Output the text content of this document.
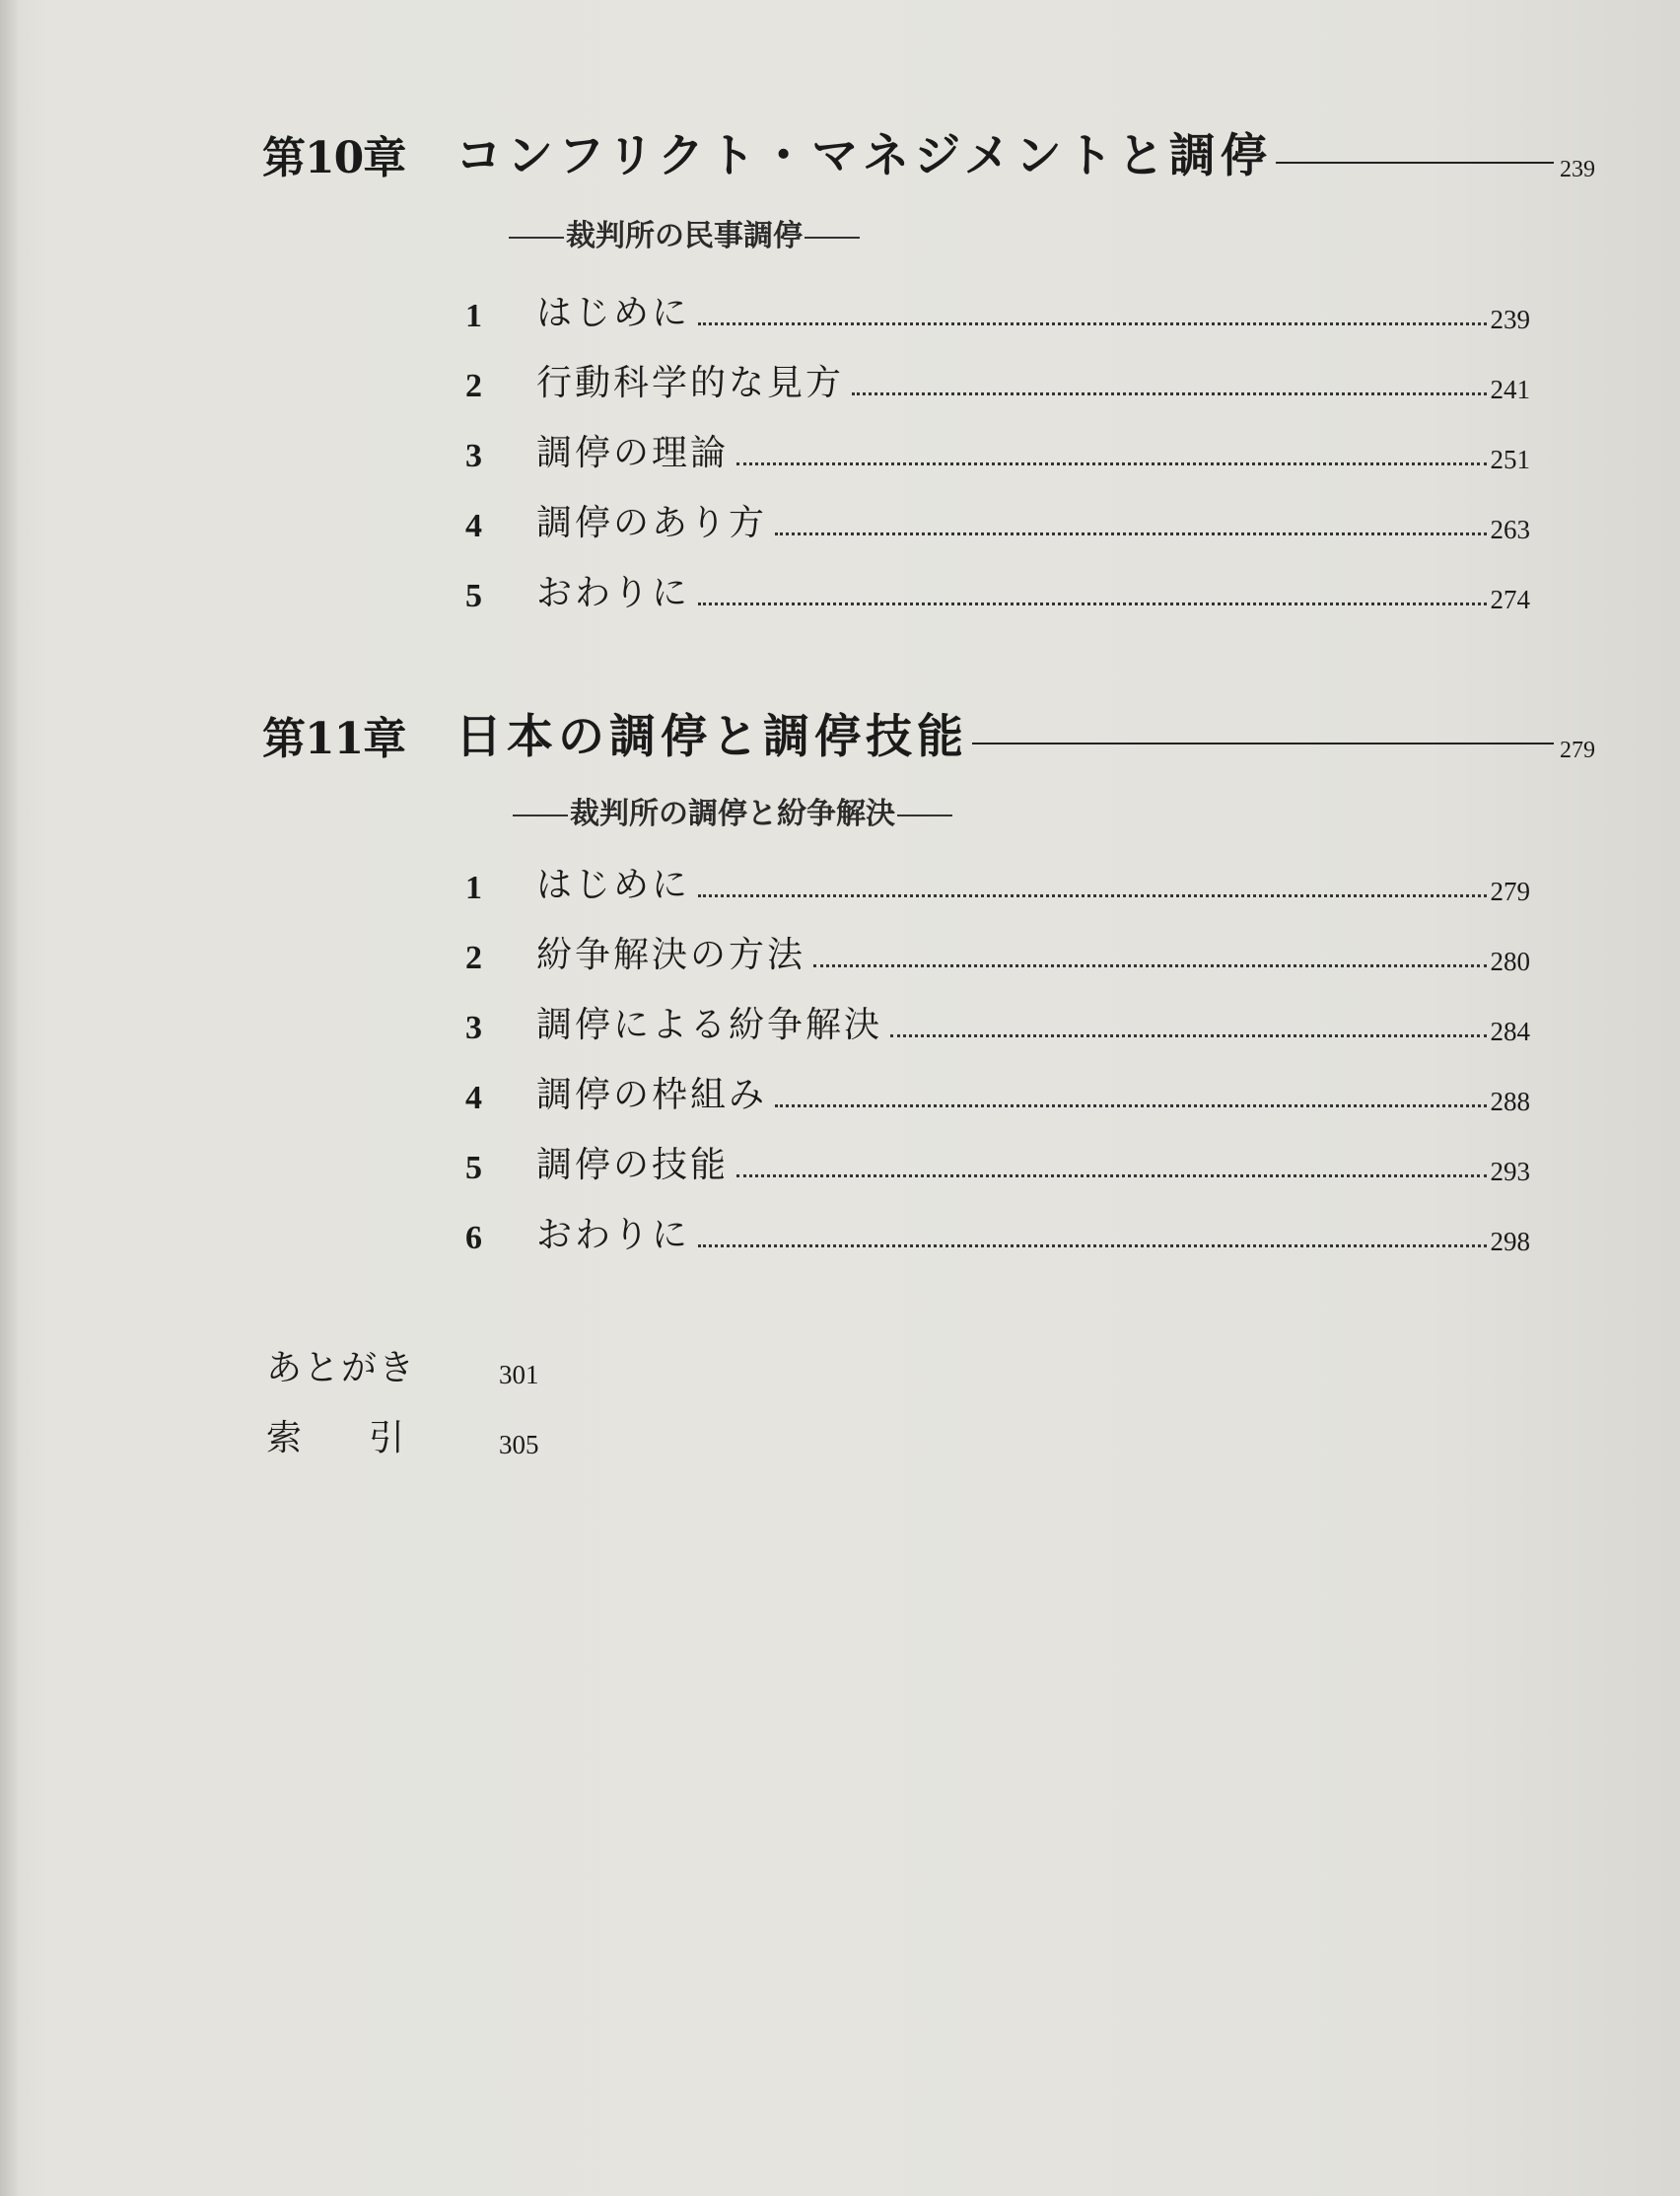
第10章	コンフリクト・マネジメントと調停	239
裁判所の民事調停
1	はじめに	239
2	行動科学的な見方	241
3	調停の理論	251
4	調停のあり方	263
5	おわりに	274
第11章	日本の調停と調停技能	279
裁判所の調停と紛争解決
1	はじめに	279
2	紛争解決の方法	280
3	調停による紛争解決	284
4	調停の枠組み	288
5	調停の技能	293
6	おわりに	298
あとがき	301
索引	305
